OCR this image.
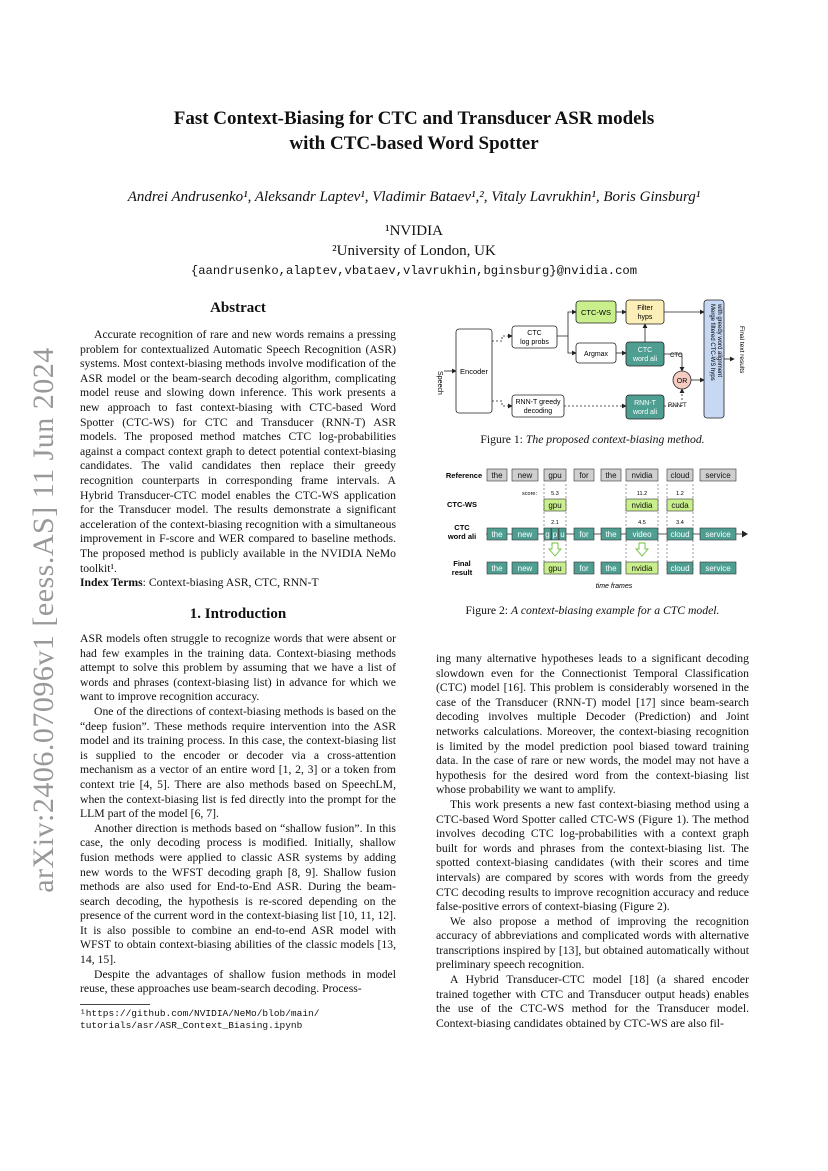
arXiv:2406.07096v1 [eess.AS] 11 Jun 2024
Fast Context-Biasing for CTC and Transducer ASR models
with CTC-based Word Spotter
Andrei Andrusenko¹, Aleksandr Laptev¹, Vladimir Bataev¹,², Vitaly Lavrukhin¹, Boris Ginsburg¹
¹NVIDIA
²University of London, UK
{aandrusenko,alaptev,vbataev,vlavrukhin,bginsburg}@nvidia.com
Abstract

Accurate recognition of rare and new words remains a pressing problem for contextualized Automatic Speech Recognition (ASR) systems. Most context-biasing methods involve modification of the ASR model or the beam-search decoding algorithm, complicating model reuse and slowing down inference. This work presents a new approach to fast context-biasing with CTC-based Word Spotter (CTC-WS) for CTC and Transducer (RNN-T) ASR models. The proposed method matches CTC log-probabilities against a compact context graph to detect potential context-biasing candidates. The valid candidates then replace their greedy recognition counterparts in corresponding frame intervals. A Hybrid Transducer-CTC model enables the CTC-WS application for the Transducer model. The results demonstrate a significant acceleration of the context-biasing recognition with a simultaneous improvement in F-score and WER compared to baseline methods. The proposed method is publicly available in the NVIDIA NeMo toolkit¹.

Index Terms: Context-biasing ASR, CTC, RNN-T

1. Introduction

ASR models often struggle to recognize words that were absent or had few examples in the training data. Context-biasing methods attempt to solve this problem by assuming that we have a list of words and phrases (context-biasing list) in advance for which we want to improve recognition accuracy.

One of the directions of context-biasing methods is based on the “deep fusion”. These methods require intervention into the ASR model and its training process. In this case, the context-biasing list is supplied to the encoder or decoder via a cross-attention mechanism as a vector of an entire word [1, 2, 3] or a token from context trie [4, 5]. There are also methods based on SpeechLM, when the context-biasing list is fed directly into the prompt for the LLM part of the model [6, 7].

Another direction is methods based on “shallow fusion”. In this case, the only decoding process is modified. Initially, shallow fusion methods were applied to classic ASR systems by adding new words to the WFST decoding graph [8, 9]. Shallow fusion methods are also used for End-to-End ASR. During the beam-search decoding, the hypothesis is re-scored depending on the presence of the current word in the context-biasing list [10, 11, 12]. It is also possible to combine an end-to-end ASR model with WFST to obtain context-biasing abilities of the classic models [13, 14, 15].

Despite the advantages of shallow fusion methods in model reuse, these approaches use beam-search decoding. Process-

¹https://github.com/NVIDIA/NeMo/blob/main/
tutorials/asr/ASR_Context_Biasing.ipynb

ing many alternative hypotheses leads to a significant decoding slowdown even for the Connectionist Temporal Classification (CTC) model [16]. This problem is considerably worsened in the case of the Transducer (RNN-T) model [17] since beam-search decoding involves multiple Decoder (Prediction) and Joint networks calculations. Moreover, the context-biasing recognition is limited by the model prediction pool biased toward training data. In the case of rare or new words, the model may not have a hypothesis for the desired word from the context-biasing list whose probability we want to amplify.

This work presents a new fast context-biasing method using a CTC-based Word Spotter called CTC-WS (Figure 1). The method involves decoding CTC log-probabilities with a context graph built for words and phrases from the context-biasing list. The spotted context-biasing candidates (with their scores and time intervals) are compared by scores with words from the greedy CTC decoding results to improve recognition accuracy and reduce false-positive errors of context-biasing (Figure 2).

We also propose a method of improving the recognition accuracy of abbreviations and complicated words with alternative transcriptions inspired by [13], but obtained automatically without preliminary speech recognition.

A Hybrid Transducer-CTC model [18] (a shared encoder trained together with CTC and Transducer output heads) enables the use of the CTC-WS method for the Transducer model. Context-biasing candidates obtained by CTC-WS are also fil-

Speech Encoder
CTC
log probs
CTC-WS	Filter
hyps
Argmax
CTC
word ali
RNN-T greedy
decoding
RNN-T
word ali
OR
CTC
RNN-T
Merge filtered CTC-WS hyps with greedy word alignment Final text results
Figure 1: The proposed context-biasing method.
Reference
CTC-WS
CTC
word ali
Final
result
the new gpu for the nvidia cloud service
score:	5.3
gpu
11.2
nvidia
1.2
cuda
2.1	4.5	3.4
the new g p u for the video cloud service
the new gpu for the nvidia cloud service
time frames
Figure 2: A context-biasing example for a CTC model.
